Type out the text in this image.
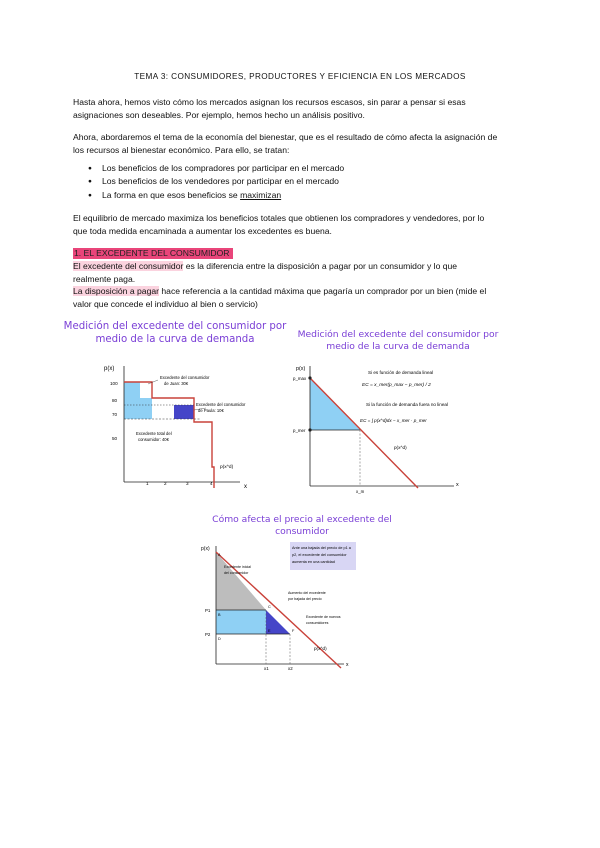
TEMA 3: CONSUMIDORES, PRODUCTORES Y EFICIENCIA EN LOS MERCADOS
Hasta ahora, hemos visto cómo los mercados asignan los recursos escasos, sin parar a pensar si esas
asignaciones son deseables. Por ejemplo, hemos hecho un análisis positivo.
Ahora, abordaremos el tema de la economía del bienestar, que es el resultado de cómo afecta la asignación de
los recursos al bienestar económico. Para ello, se tratan:
● Los beneficios de los compradores por participar en el mercado
● Los beneficios de los vendedores por participar en el mercado
● La forma en que esos beneficios se maximizan
El equilibrio de mercado maximiza los beneficios totales que obtienen los compradores y vendedores, por lo
que toda medida encaminada a aumentar los excedentes es buena.
1. EL EXCEDENTE DEL CONSUMIDOR
El excedente del consumidor es la diferencia entre la disposición a pagar por un consumidor y lo que
realmente paga.
La disposición a pagar hace referencia a la cantidad máxima que pagaría un comprador por un bien (mide el
valor que concede el individuo al bien o servicio)
Medición del excedente del consumidor por
medio de la curva de demanda
p(x)
100
80
70
50
p(x^d)
x
1	2	3	4
Excedente del consumidor
de Juan: 30€
Excedente del consumidor
de Paula: 10€
Excedente total del
consumidor: 40€
Medición del excedente del consumidor por
medio de la curva de demanda
p(x)
p_max
p_mer
x_m
x
p(x^d)
Si es función de demanda lineal
EC = x_mer(p_max − p_mer) / 2
Si la función de demanda fuera no lineal
EC = ∫ p(x^d)dx − x_mer · p_mer
Cómo afecta el precio al excedente del
consumidor
p(x)
P1
P2
x1	x2
x
p(x^d)
A
B
C
D
E	F
Ante una bajada del precio de p1 a
p2, el excedente del consumidor
aumenta en una cantidad
Excedente inicial
del consumidor
Aumento del excedente
por bajada del precio
Excedente de nuevos
consumidores
